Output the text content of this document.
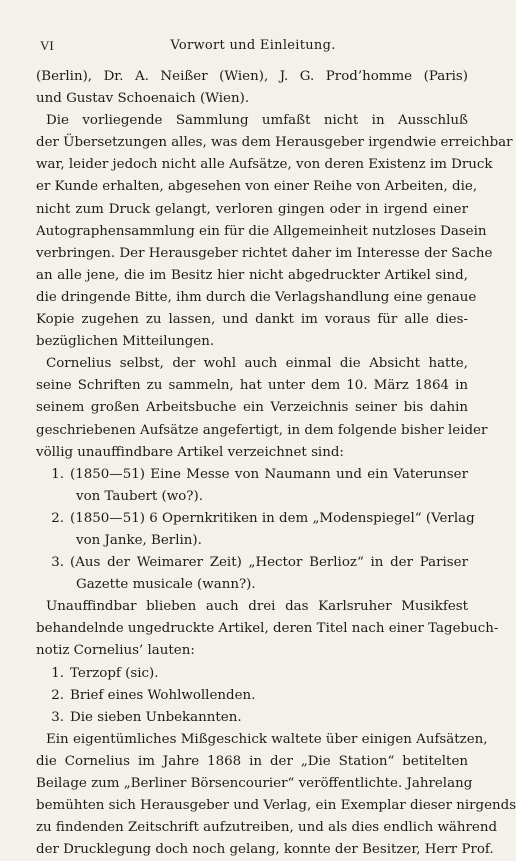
VI	Vorwort und Einleitung.
(Berlin), Dr. A. Neißer (Wien), J. G. Prod’homme (Paris)
und Gustav Schoenaich (Wien).
Die vorliegende Sammlung umfaßt nicht in Ausschluß
der Übersetzungen alles, was dem Herausgeber irgendwie erreichbar
war, leider jedoch nicht alle Aufsätze, von deren Existenz im Druck
er Kunde erhalten, abgesehen von einer Reihe von Arbeiten, die,
nicht zum Druck gelangt, verloren gingen oder in irgend einer
Autographensammlung ein für die Allgemeinheit nutzloses Dasein
verbringen. Der Herausgeber richtet daher im Interesse der Sache
an alle jene, die im Besitz hier nicht abgedruckter Artikel sind,
die dringende Bitte, ihm durch die Verlagshandlung eine genaue
Kopie zugehen zu lassen, und dankt im voraus für alle dies-
bezüglichen Mitteilungen.
Cornelius selbst, der wohl auch einmal die Absicht hatte,
seine Schriften zu sammeln, hat unter dem 10. März 1864 in
seinem großen Arbeitsbuche ein Verzeichnis seiner bis dahin
geschriebenen Aufsätze angefertigt, in dem folgende bisher leider
völlig unauffindbare Artikel verzeichnet sind:
1. (1850—51) Eine Messe von Naumann und ein Vaterunser
von Taubert (wo?).
2. (1850—51) 6 Opernkritiken in dem „Modenspiegel“ (Verlag
von Janke, Berlin).
3. (Aus der Weimarer Zeit) „Hector Berlioz“ in der Pariser
Gazette musicale (wann?).
Unauffindbar blieben auch drei das Karlsruher Musikfest
behandelnde ungedruckte Artikel, deren Titel nach einer Tagebuch-
notiz Cornelius’ lauten:
1. Terzopf (sic).
2. Brief eines Wohlwollenden.
3. Die sieben Unbekannten.
Ein eigentümliches Mißgeschick waltete über einigen Aufsätzen,
die Cornelius im Jahre 1868 in der „Die Station“ betitelten
Beilage zum „Berliner Börsencourier“ veröffentlichte. Jahrelang
bemühten sich Herausgeber und Verlag, ein Exemplar dieser nirgends
zu findenden Zeitschrift aufzutreiben, und als dies endlich während
der Drucklegung doch noch gelang, konnte der Besitzer, Herr Prof.
